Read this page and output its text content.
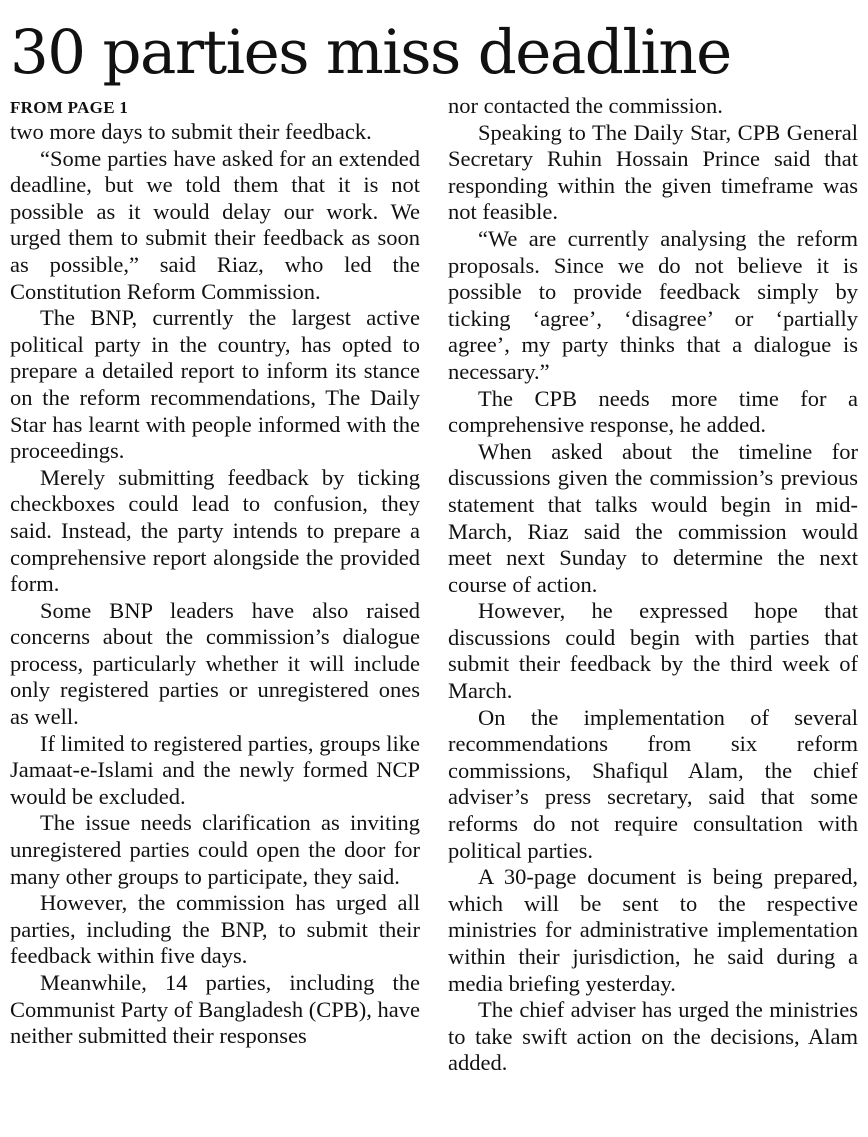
30 parties miss deadline
FROM PAGE 1

two more days to submit their feedback.

“Some parties have asked for an extended deadline, but we told them that it is not possible as it would delay our work. We urged them to submit their feedback as soon as possible,” said Riaz, who led the Constitution Reform Commission.

The BNP, currently the largest active political party in the country, has opted to prepare a detailed report to inform its stance on the reform recommendations, The Daily Star has learnt with people informed with the proceedings.

Merely submitting feedback by ticking checkboxes could lead to confusion, they said. Instead, the party intends to prepare a comprehensive report alongside the provided form.

Some BNP leaders have also raised concerns about the commission’s dialogue process, particularly whether it will include only registered parties or unregistered ones as well.

If limited to registered parties, groups like Jamaat-e-Islami and the newly formed NCP would be excluded.

The issue needs clarification as inviting unregistered parties could open the door for many other groups to participate, they said.

However, the commission has urged all parties, including the BNP, to submit their feedback within five days.

Meanwhile, 14 parties, including the Communist Party of Bangladesh (CPB), have neither submitted their responses

nor contacted the commission.

Speaking to The Daily Star, CPB General Secretary Ruhin Hossain Prince said that responding within the given timeframe was not feasible.

“We are currently analysing the reform proposals. Since we do not believe it is possible to provide feedback simply by ticking ‘agree’, ‘disagree’ or ‘partially agree’, my party thinks that a dialogue is necessary.”

The CPB needs more time for a comprehensive response, he added.

When asked about the timeline for discussions given the commission’s previous statement that talks would begin in mid-March, Riaz said the commission would meet next Sunday to determine the next course of action.

However, he expressed hope that discussions could begin with parties that submit their feedback by the third week of March.

On the implementation of several recommendations from six reform commissions, Shafiqul Alam, the chief adviser’s press secretary, said that some reforms do not require consultation with political parties.

A 30-page document is being prepared, which will be sent to the respective ministries for administrative implementation within their jurisdiction, he said during a media briefing yesterday.

The chief adviser has urged the ministries to take swift action on the decisions, Alam added.
